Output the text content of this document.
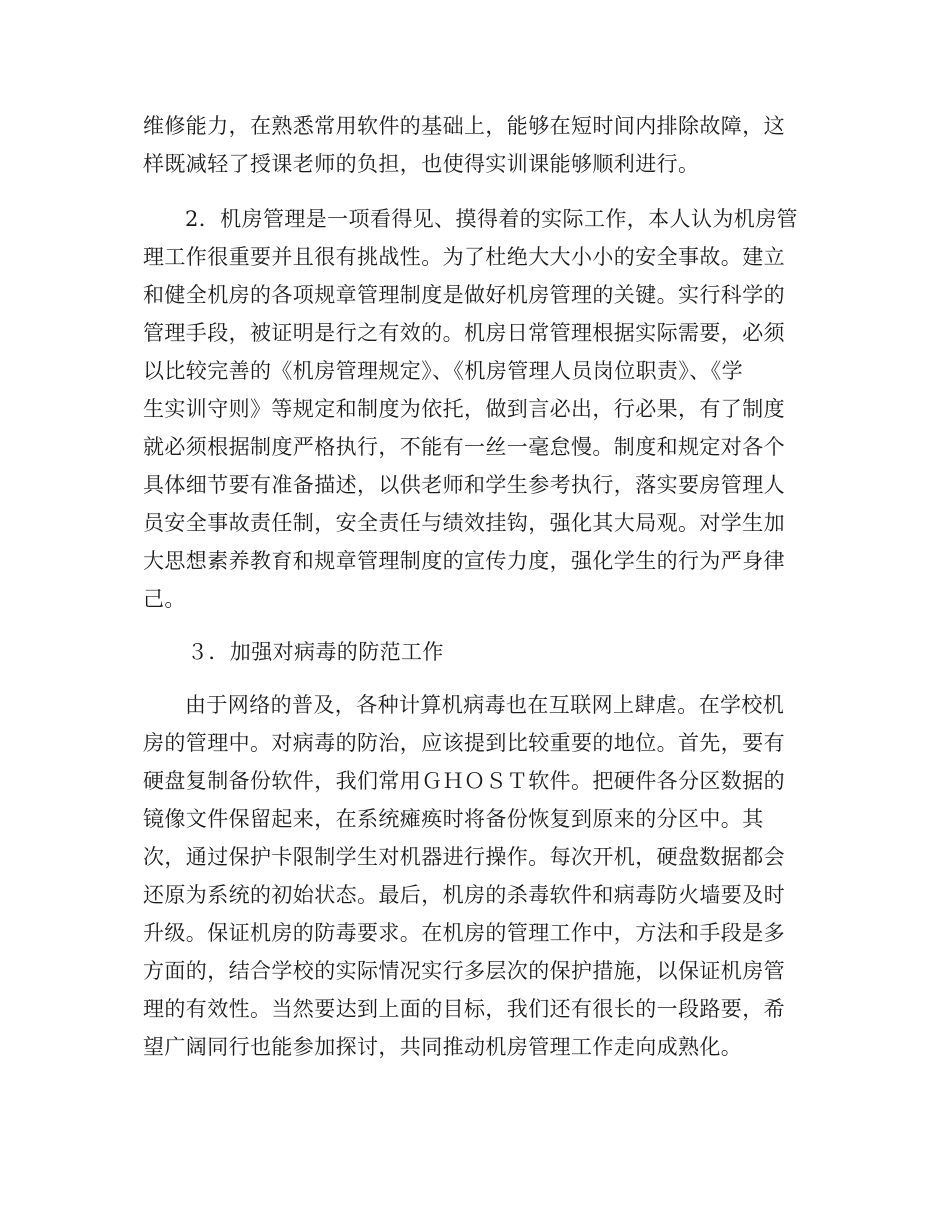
维修能力，在熟悉常用软件的基础上，能够在短时间内排除故障，这

样既减轻了授课老师的负担，也使得实训课能够顺利进行。

2．机房管理是一项看得见、摸得着的实际工作，本人认为机房管

理工作很重要并且很有挑战性。为了杜绝大大小小的安全事故。建立

和健全机房的各项规章管理制度是做好机房管理的关键。实行科学的

管理手段，被证明是行之有效的。机房日常管理根据实际需要，必须

以比较完善的《机房管理规定》、《机房管理人员岗位职责》、《学

生实训守则》等规定和制度为依托，做到言必出，行必果，有了制度

就必须根据制度严格执行，不能有一丝一毫怠慢。制度和规定对各个

具体细节要有准备描述，以供老师和学生参考执行，落实要房管理人

员安全事故责任制，安全责任与绩效挂钩，强化其大局观。对学生加

大思想素养教育和规章管理制度的宣传力度，强化学生的行为严身律

己。

３．加强对病毒的防范工作

由于网络的普及，各种计算机病毒也在互联网上肆虐。在学校机

房的管理中。对病毒的防治，应该提到比较重要的地位。首先，要有

硬盘复制备份软件，我们常用ＧＨＯＳＴ软件。把硬件各分区数据的

镜像文件保留起来，在系统瘫痪时将备份恢复到原来的分区中。其

次，通过保护卡限制学生对机器进行操作。每次开机，硬盘数据都会

还原为系统的初始状态。最后，机房的杀毒软件和病毒防火墙要及时

升级。保证机房的防毒要求。在机房的管理工作中，方法和手段是多

方面的，结合学校的实际情况实行多层次的保护措施，以保证机房管

理的有效性。当然要达到上面的目标，我们还有很长的一段路要，希

望广阔同行也能参加探讨，共同推动机房管理工作走向成熟化。
